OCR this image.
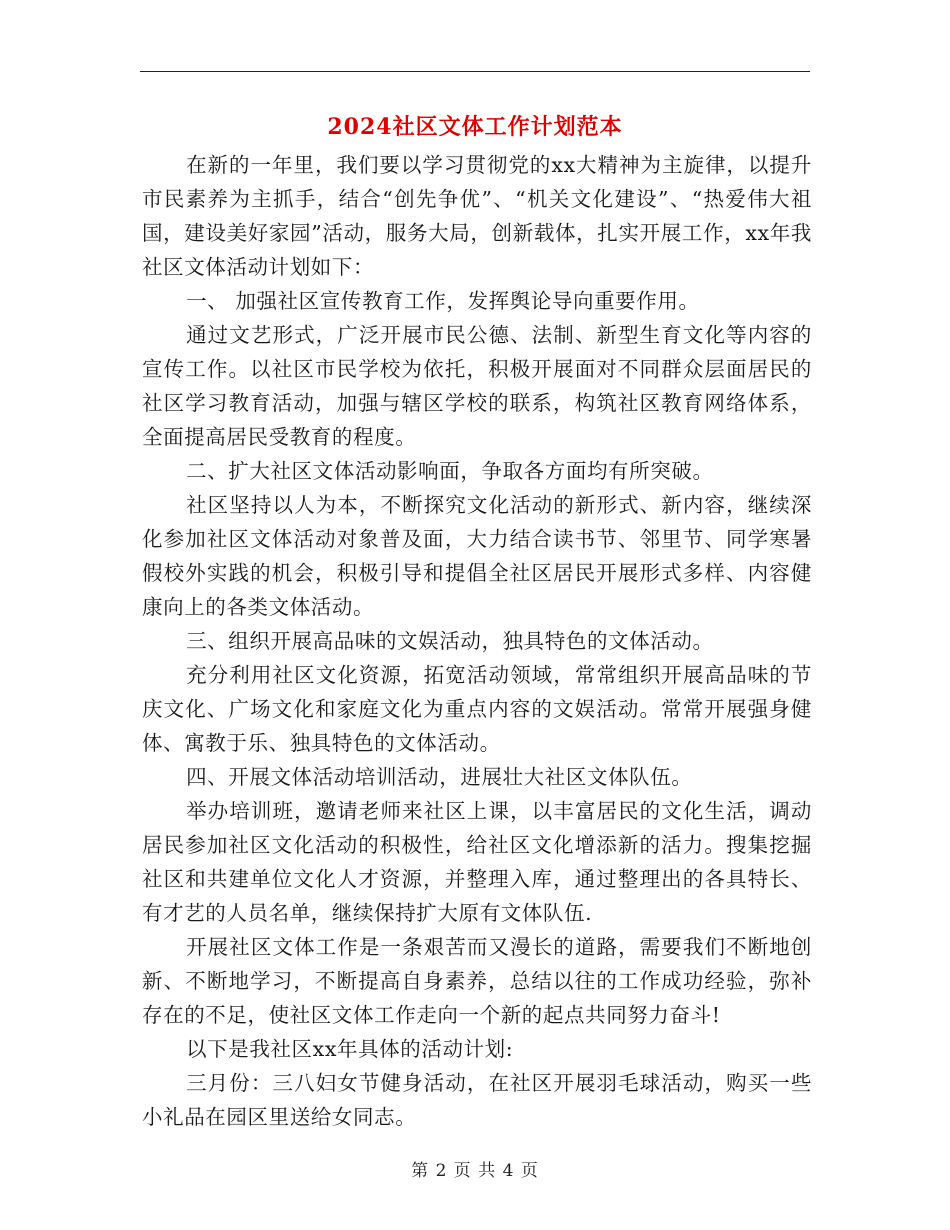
2024社区文体工作计划范本

在新的一年里，我们要以学习贯彻党的xx大精神为主旋律，以提升市民素养为主抓手，结合“创先争优”、“机关文化建设”、“热爱伟大祖国，建设美好家园”活动，服务大局，创新载体，扎实开展工作，xx年我社区文体活动计划如下：

一、 加强社区宣传教育工作，发挥舆论导向重要作用。

通过文艺形式，广泛开展市民公德、法制、新型生育文化等内容的宣传工作。以社区市民学校为依托，积极开展面对不同群众层面居民的社区学习教育活动，加强与辖区学校的联系，构筑社区教育网络体系，全面提高居民受教育的程度。

二、扩大社区文体活动影响面，争取各方面均有所突破。

社区坚持以人为本，不断探究文化活动的新形式、新内容，继续深化参加社区文体活动对象普及面，大力结合读书节、邻里节、同学寒暑假校外实践的机会，积极引导和提倡全社区居民开展形式多样、内容健康向上的各类文体活动。

三、组织开展高品味的文娱活动，独具特色的文体活动。

充分利用社区文化资源，拓宽活动领域，常常组织开展高品味的节庆文化、广场文化和家庭文化为重点内容的文娱活动。常常开展强身健体、寓教于乐、独具特色的文体活动。

四、开展文体活动培训活动，进展壮大社区文体队伍。

举办培训班，邀请老师来社区上课，以丰富居民的文化生活，调动居民参加社区文化活动的积极性，给社区文化增添新的活力。搜集挖掘社区和共建单位文化人才资源，并整理入库，通过整理出的各具特长、有才艺的人员名单，继续保持扩大原有文体队伍.

开展社区文体工作是一条艰苦而又漫长的道路，需要我们不断地创新、不断地学习，不断提高自身素养，总结以往的工作成功经验，弥补存在的不足，使社区文体工作走向一个新的起点共同努力奋斗!

以下是我社区xx年具体的活动计划:

三月份：三八妇女节健身活动，在社区开展羽毛球活动，购买一些小礼品在园区里送给女同志。

第 2 页 共 4 页
